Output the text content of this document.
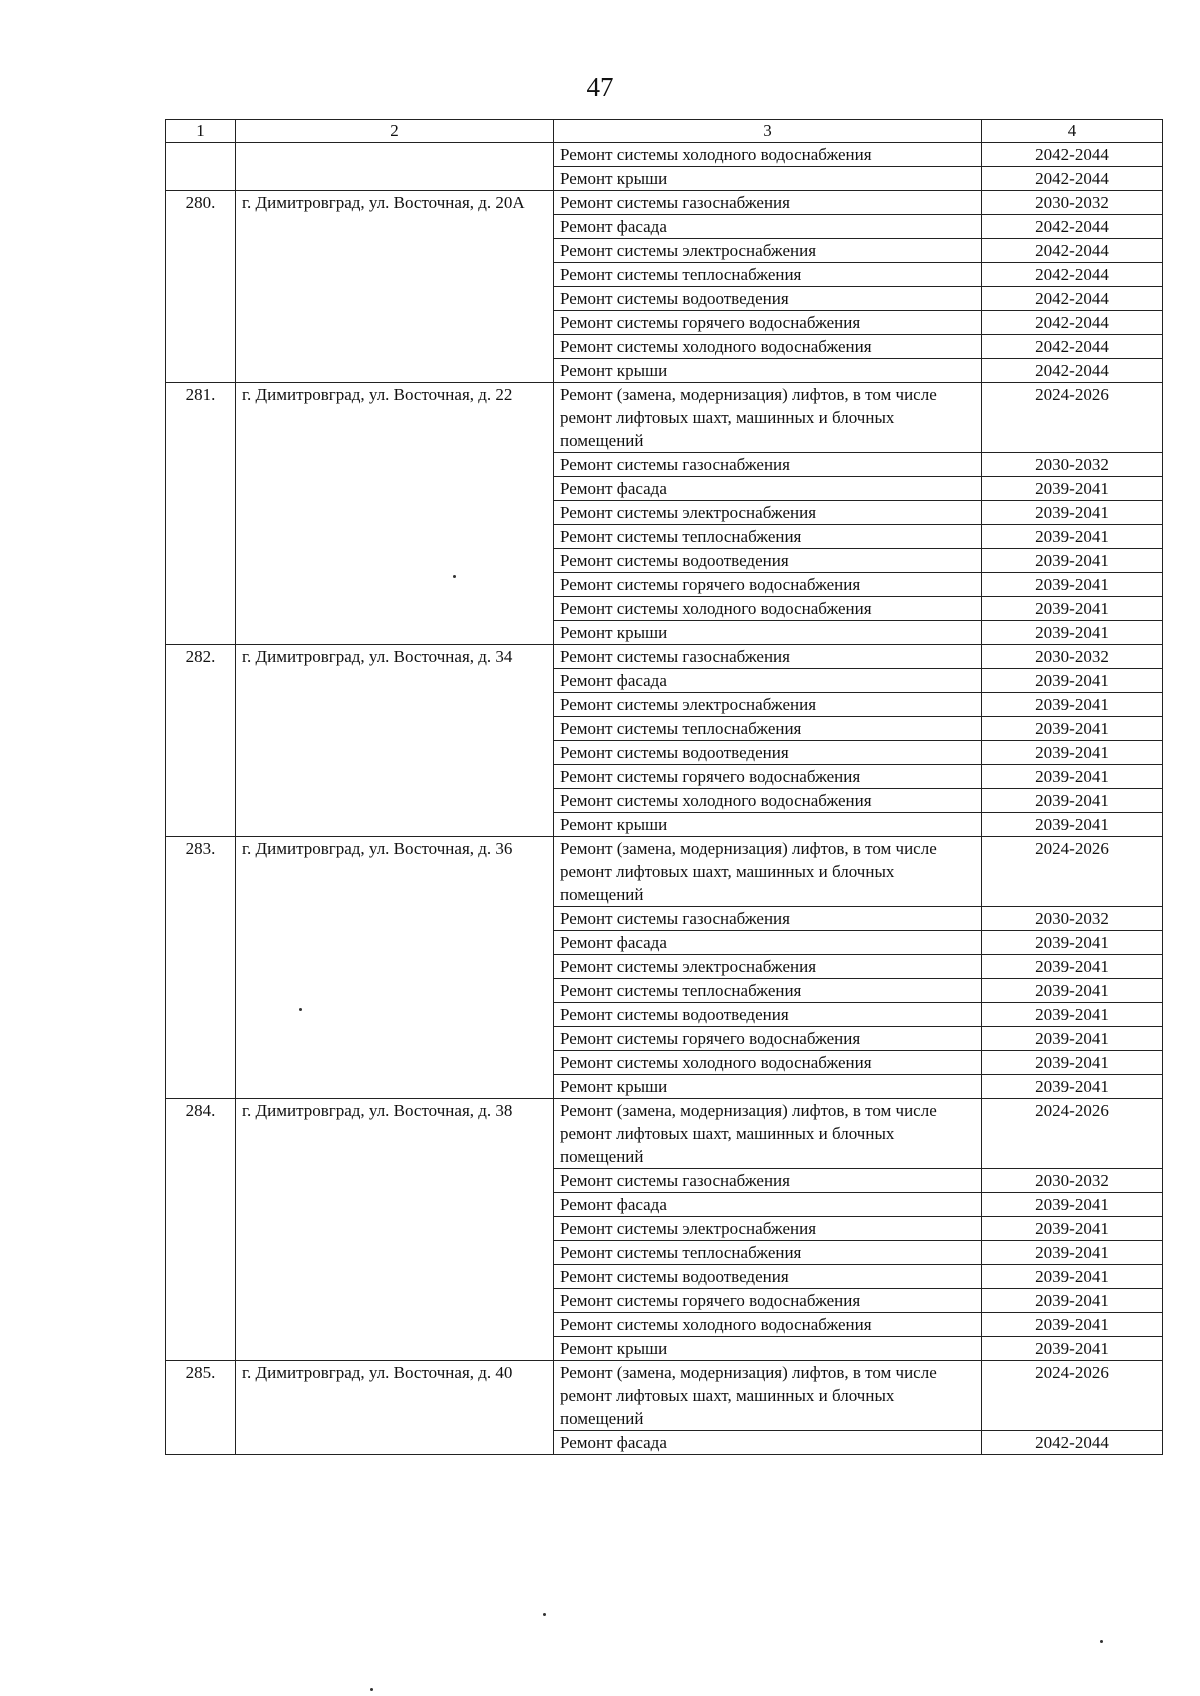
47
1	2	3	4
		Ремонт системы холодного водоснабжения	2042-2044
		Ремонт крыши	2042-2044
280.	г. Димитровград, ул. Восточная, д. 20А	Ремонт системы газоснабжения	2030-2032
		Ремонт фасада	2042-2044
		Ремонт системы электроснабжения	2042-2044
		Ремонт системы теплоснабжения	2042-2044
		Ремонт системы водоотведения	2042-2044
		Ремонт системы горячего водоснабжения	2042-2044
		Ремонт системы холодного водоснабжения	2042-2044
		Ремонт крыши	2042-2044
281.	г. Димитровград, ул. Восточная, д. 22	Ремонт (замена, модернизация) лифтов, в том числе ремонт лифтовых шахт, машинных и блочных помещений	2024-2026
		Ремонт системы газоснабжения	2030-2032
		Ремонт фасада	2039-2041
		Ремонт системы электроснабжения	2039-2041
		Ремонт системы теплоснабжения	2039-2041
		Ремонт системы водоотведения	2039-2041
		Ремонт системы горячего водоснабжения	2039-2041
		Ремонт системы холодного водоснабжения	2039-2041
		Ремонт крыши	2039-2041
282.	г. Димитровград, ул. Восточная, д. 34	Ремонт системы газоснабжения	2030-2032
		Ремонт фасада	2039-2041
		Ремонт системы электроснабжения	2039-2041
		Ремонт системы теплоснабжения	2039-2041
		Ремонт системы водоотведения	2039-2041
		Ремонт системы горячего водоснабжения	2039-2041
		Ремонт системы холодного водоснабжения	2039-2041
		Ремонт крыши	2039-2041
283.	г. Димитровград, ул. Восточная, д. 36	Ремонт (замена, модернизация) лифтов, в том числе ремонт лифтовых шахт, машинных и блочных помещений	2024-2026
		Ремонт системы газоснабжения	2030-2032
		Ремонт фасада	2039-2041
		Ремонт системы электроснабжения	2039-2041
		Ремонт системы теплоснабжения	2039-2041
		Ремонт системы водоотведения	2039-2041
		Ремонт системы горячего водоснабжения	2039-2041
		Ремонт системы холодного водоснабжения	2039-2041
		Ремонт крыши	2039-2041
284.	г. Димитровград, ул. Восточная, д. 38	Ремонт (замена, модернизация) лифтов, в том числе ремонт лифтовых шахт, машинных и блочных помещений	2024-2026
		Ремонт системы газоснабжения	2030-2032
		Ремонт фасада	2039-2041
		Ремонт системы электроснабжения	2039-2041
		Ремонт системы теплоснабжения	2039-2041
		Ремонт системы водоотведения	2039-2041
		Ремонт системы горячего водоснабжения	2039-2041
		Ремонт системы холодного водоснабжения	2039-2041
		Ремонт крыши	2039-2041
285.	г. Димитровград, ул. Восточная, д. 40	Ремонт (замена, модернизация) лифтов, в том числе ремонт лифтовых шахт, машинных и блочных помещений	2024-2026
		Ремонт фасада	2042-2044
